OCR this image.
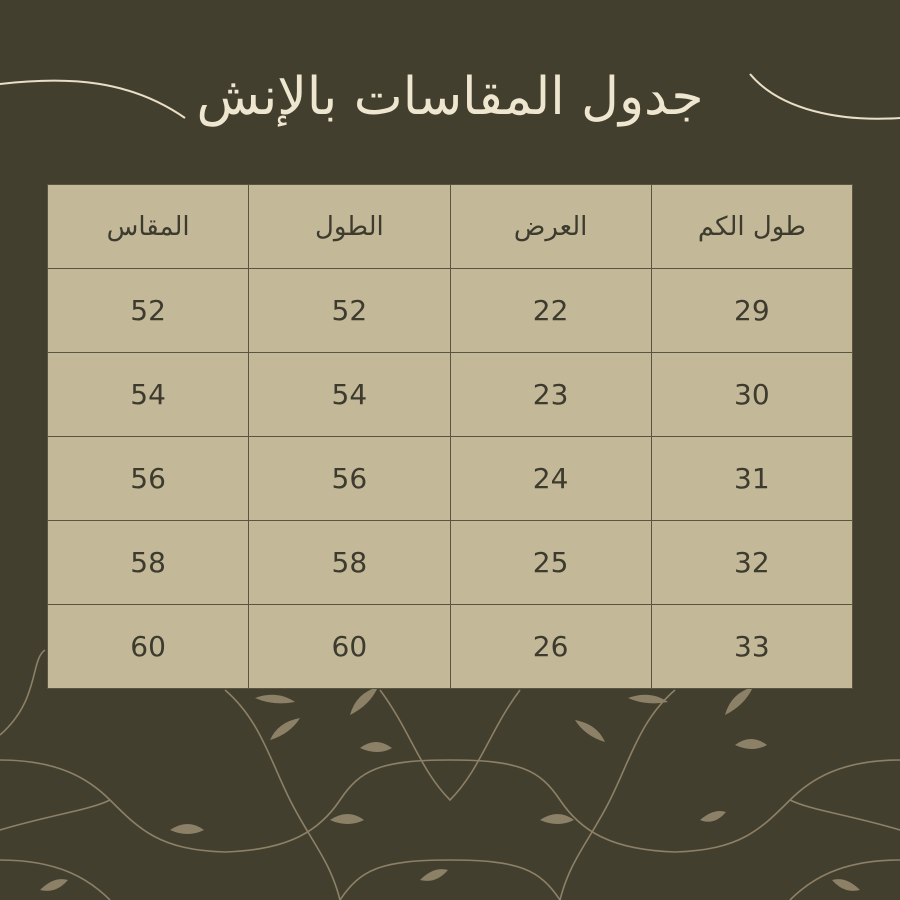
جدول المقاسات بالإنش
طول الكم	العرض	الطول	المقاس
29	22	52	52
30	23	54	54
31	24	56	56
32	25	58	58
33	26	60	60
